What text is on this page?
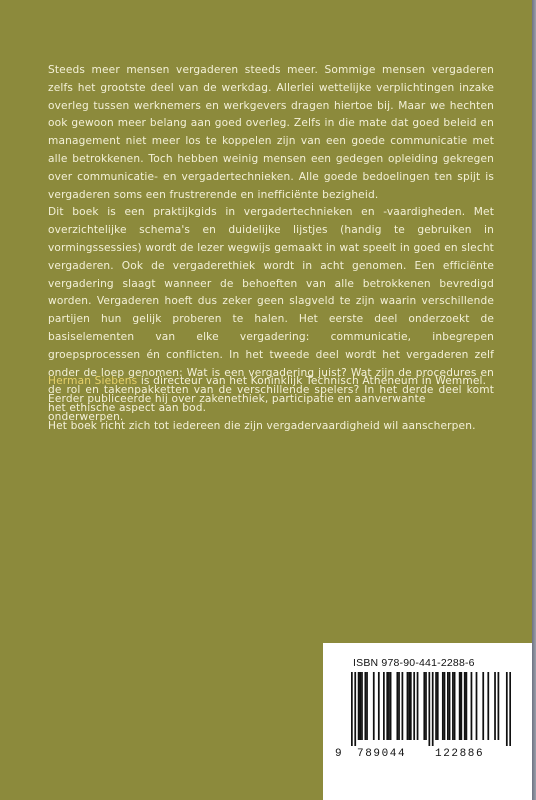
Steeds meer mensen vergaderen steeds meer. Sommige mensen vergaderen zelfs het grootste deel van de werkdag. Allerlei wettelijke verplichtingen inzake overleg tussen werknemers en werkgevers dragen hiertoe bij. Maar we hechten ook gewoon meer belang aan goed overleg. Zelfs in die mate dat goed beleid en management niet meer los te koppelen zijn van een goede communicatie met alle betrokkenen. Toch hebben weinig mensen een gedegen opleiding gekregen over communicatie- en vergadertechnieken. Alle goede bedoelingen ten spijt is vergaderen soms een frustrerende en inefficiënte bezigheid.

Dit boek is een praktijkgids in vergadertechnieken en -vaardigheden. Met overzichtelijke schema's en duidelijke lijstjes (handig te gebruiken in vormingssessies) wordt de lezer wegwijs gemaakt in wat speelt in goed en slecht vergaderen. Ook de vergaderethiek wordt in acht genomen. Een efficiënte vergadering slaagt wanneer de behoeften van alle betrokkenen bevredigd worden. Vergaderen hoeft dus zeker geen slagveld te zijn waarin verschillende partijen hun gelijk proberen te halen. Het eerste deel onderzoekt de basiselementen van elke vergadering: communicatie, inbegrepen groepsprocessen én conflicten. In het tweede deel wordt het vergaderen zelf onder de loep genomen: Wat is een vergadering juist? Wat zijn de procedures en de rol en takenpakketten van de verschillende spelers? In het derde deel komt het ethische aspect aan bod.

Het boek richt zich tot iedereen die zijn vergadervaardigheid wil aanscherpen.

Herman Siebens is directeur van het Koninklijk Technisch Atheneum in Wemmel. Eerder publiceerde hij over zakenethiek, participatie en aanverwante onderwerpen.

ISBN 978-90-441-2288-6
9 789044	122886
